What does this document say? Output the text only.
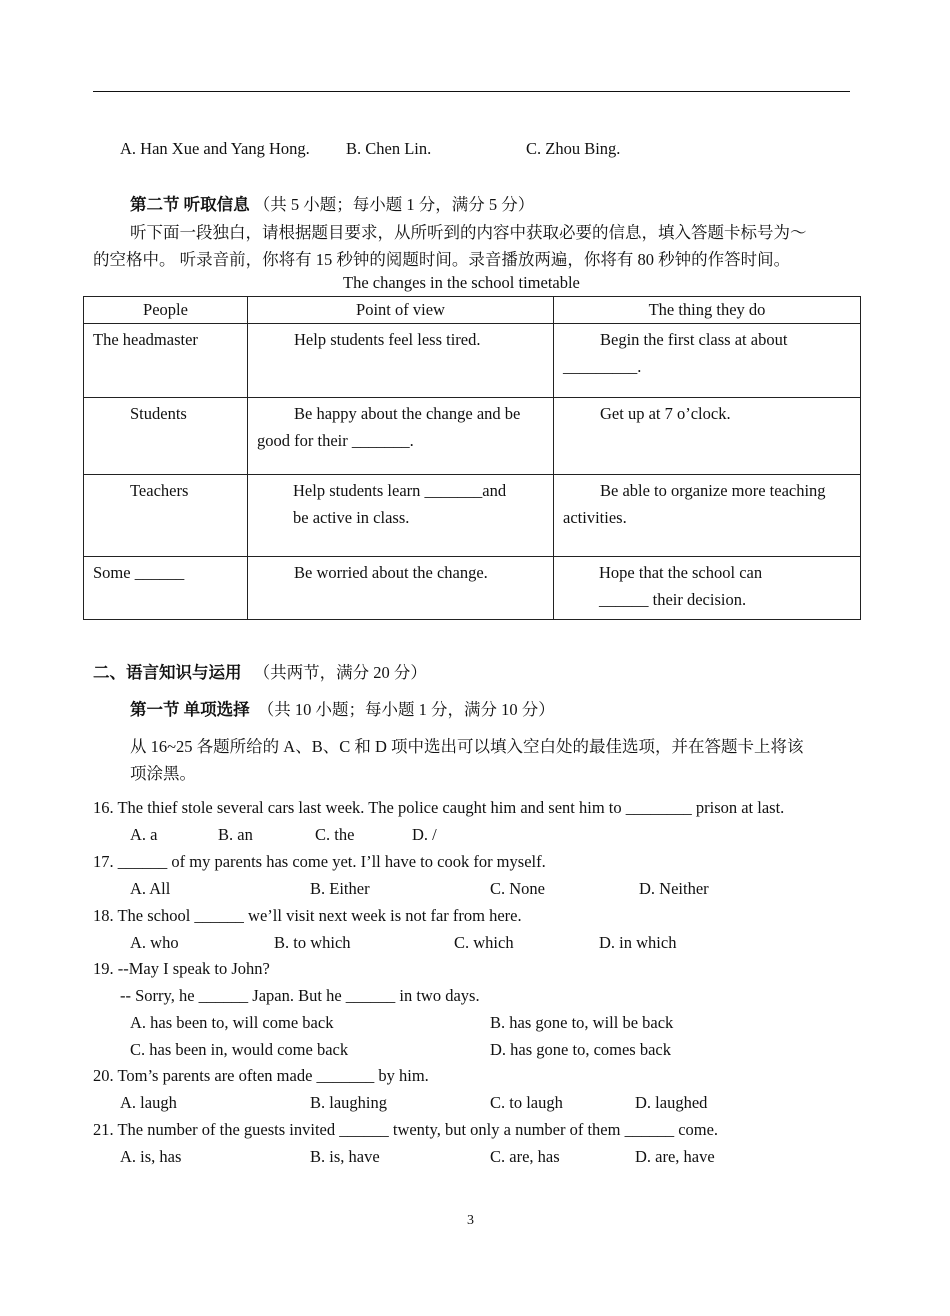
A. Han Xue and Yang Hong. B. Chen Lin.	C. Zhou Bing.
第二节 听取信息 （共 5 小题；每小题 1 分，满分 5 分）
听下面一段独白，请根据题目要求，从所听到的内容中获取必要的信息，填入答题卡标号为～
的空格中。 听录音前，你将有 15 秒钟的阅题时间。录音播放两遍，你将有 80 秒钟的作答时间。
The changes in the school timetable
People	Point of view	The thing they do

The headmaster	Help students feel less tired.	Begin the first class at about _________.

Students	Be happy about the change and be good for their _______.	Get up at 7 o’clock.

Teachers	Help students learn _______and be active in class.	Be able to organize more teaching activities.

Some ______	Be worried about the change.	Hope that the school can ______ their decision.
二、语言知识与运用 （共两节，满分 20 分）
第一节 单项选择 （共 10 小题；每小题 1 分，满分 10 分）
从 16~25 各题所给的 A、B、C 和 D 项中选出可以填入空白处的最佳选项，并在答题卡上将该
项涂黑。
16. The thief stole several cars last week. The police caught him and sent him to ________ prison at last.
A. a	B. an	C. the	D. /
17. ______ of my parents has come yet. I’ll have to cook for myself.
A. All	B. Either	C. None	D. Neither
18. The school ______ we’ll visit next week is not far from here.
A. who	B. to which	C. which	D. in which
19. --May I speak to John?
-- Sorry, he ______ Japan. But he ______ in two days.
A. has been to, will come back	B. has gone to, will be back
C. has been in, would come back	D. has gone to, comes back
20. Tom’s parents are often made _______ by him.
A. laugh	B. laughing	C. to laugh	D. laughed
21. The number of the guests invited ______ twenty, but only a number of them ______ come.
A. is, has	B. is, have	C. are, has	D. are, have
3
